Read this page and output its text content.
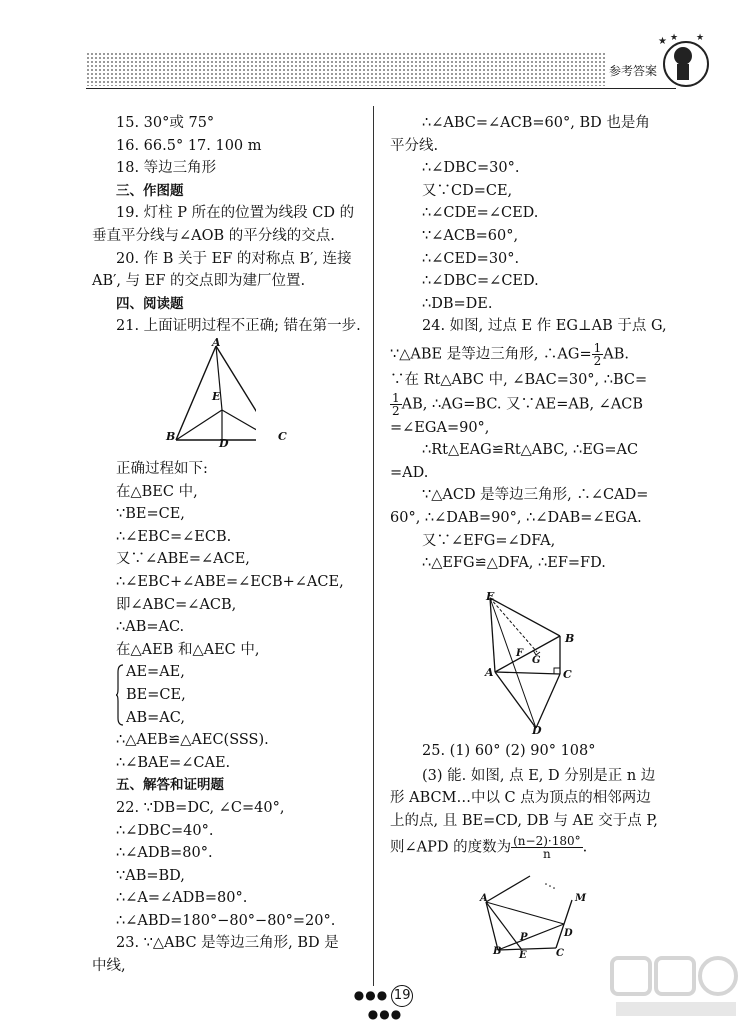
参考答案
★ ★ ★
15. 30°或 75°
16. 66.5° 17. 100 m
18. 等边三角形
三、作图题
19. 灯柱 P 所在的位置为线段 CD 的
垂直平分线与∠AOB 的平分线的交点.
20. 作 B 关于 EF 的对称点 B′, 连接
AB′, 与 EF 的交点即为建厂位置.
四、阅读题
21. 上面证明过程不正确; 错在第一步.
A
E
B
D
C
正确过程如下:
在△BEC 中,
∵BE=CE,
∴∠EBC=∠ECB.
又∵∠ABE=∠ACE,
∴∠EBC+∠ABE=∠ECB+∠ACE,
即∠ABC=∠ACB,
∴AB=AC.
在△AEB 和△AEC 中,
AE=AE,
BE=CE,
AB=AC,
∴△AEB≌△AEC(SSS).
∴∠BAE=∠CAE.
五、解答和证明题
22. ∵DB=DC, ∠C=40°,
∴∠DBC=40°.
∴∠ADB=80°.
∵AB=BD,
∴∠A=∠ADB=80°.
∴∠ABD=180°−80°−80°=20°.
23. ∵△ABC 是等边三角形, BD 是
中线,
∴∠ABC=∠ACB=60°, BD 也是角
平分线.
∴∠DBC=30°.
又∵CD=CE,
∴∠CDE=∠CED.
∵∠ACB=60°,
∴∠CED=30°.
∴∠DBC=∠CED.
∴DB=DE.
24. 如图, 过点 E 作 EG⊥AB 于点 G,
∵△ABE 是等边三角形, ∴AG= $\frac{1}{2}$ AB.
∵在 Rt△ABC 中, ∠BAC=30°, ∴BC=
$\frac{1}{2}$ AB, ∴AG=BC. 又∵AE=AB, ∠ACB
=∠EGA=90°,
∴Rt△EAG≌Rt△ABC, ∴EG=AC
=AD.
∵△ACD 是等边三角形, ∴∠CAD=
60°, ∴∠DAB=90°, ∴∠DAB=∠EGA.
又∵∠EFG=∠DFA,
∴△EFG≌△DFA, ∴EF=FD.
E
B
F
G
A	C
D
25. (1) 60° (2) 90° 108°
(3) 能. 如图, 点 E, D 分别是正 n 边
形 ABCM…中以 C 点为顶点的相邻两边
上的点, 且 BE=CD, DB 与 AE 交于点 P,
则∠APD 的度数为 $\frac{(n-2)\cdot 180^\circ}{n}$ .
A	M
P	D
B E	C
●●● 19●●●
